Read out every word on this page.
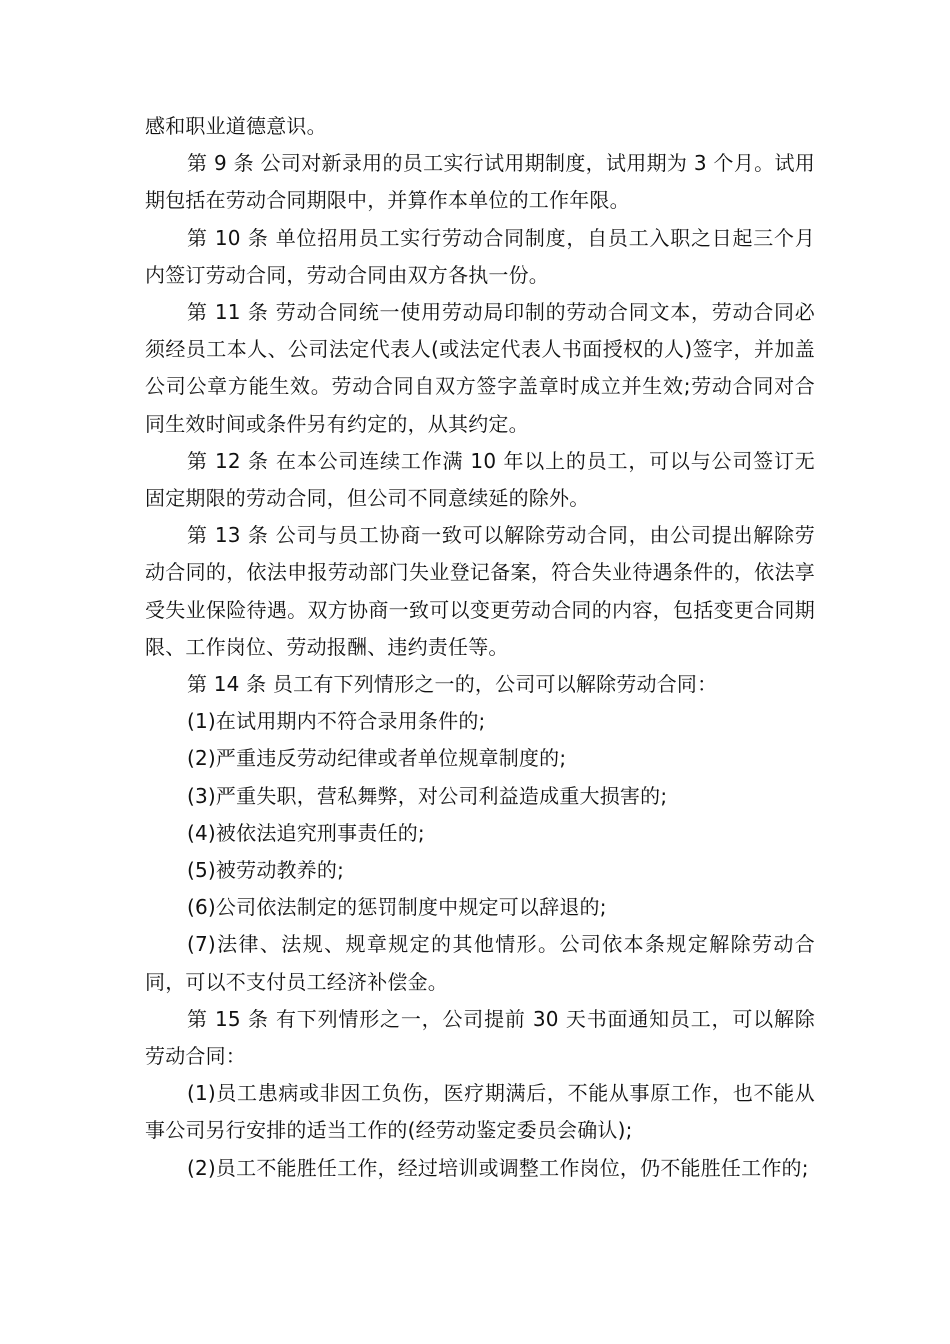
感和职业道德意识。

第 9 条 公司对新录用的员工实行试用期制度，试用期为 3 个月。试用期包括在劳动合同期限中，并算作本单位的工作年限。

第 10 条 单位招用员工实行劳动合同制度，自员工入职之日起三个月内签订劳动合同，劳动合同由双方各执一份。

第 11 条 劳动合同统一使用劳动局印制的劳动合同文本，劳动合同必须经员工本人、公司法定代表人(或法定代表人书面授权的人)签字，并加盖公司公章方能生效。劳动合同自双方签字盖章时成立并生效;劳动合同对合同生效时间或条件另有约定的，从其约定。

第 12 条 在本公司连续工作满 10 年以上的员工，可以与公司签订无固定期限的劳动合同，但公司不同意续延的除外。

第 13 条 公司与员工协商一致可以解除劳动合同，由公司提出解除劳动合同的，依法申报劳动部门失业登记备案，符合失业待遇条件的，依法享受失业保险待遇。双方协商一致可以变更劳动合同的内容，包括变更合同期限、工作岗位、劳动报酬、违约责任等。

第 14 条 员工有下列情形之一的，公司可以解除劳动合同：

(1)在试用期内不符合录用条件的;

(2)严重违反劳动纪律或者单位规章制度的;

(3)严重失职，营私舞弊，对公司利益造成重大损害的;

(4)被依法追究刑事责任的;

(5)被劳动教养的;

(6)公司依法制定的惩罚制度中规定可以辞退的;

(7)法律、法规、规章规定的其他情形。公司依本条规定解除劳动合同，可以不支付员工经济补偿金。

第 15 条 有下列情形之一，公司提前 30 天书面通知员工，可以解除劳动合同：

(1)员工患病或非因工负伤，医疗期满后，不能从事原工作，也不能从事公司另行安排的适当工作的(经劳动鉴定委员会确认);

(2)员工不能胜任工作，经过培训或调整工作岗位，仍不能胜任工作的;
